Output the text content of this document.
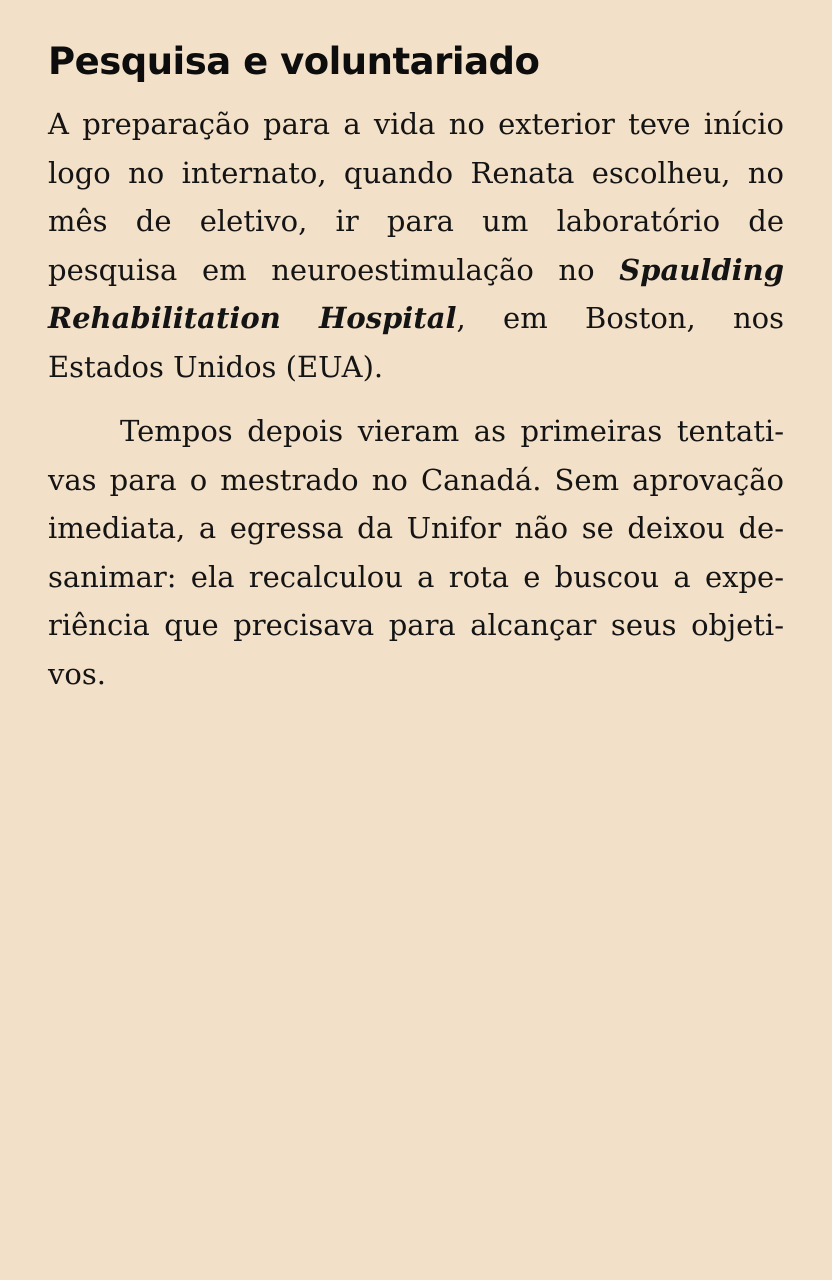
Pesquisa e voluntariado

A preparação para a vida no exterior teve início logo no internato, quando Renata escolheu, no mês de eletivo, ir para um laboratório de pesquisa em neuroestimulação no Spaulding Rehabilitation Hospital, em Boston, nos Estados Unidos (EUA).

Tempos depois vieram as primeiras tentativas para o mestrado no Canadá. Sem aprovação imediata, a egressa da Unifor não se deixou desanimar: ela recalculou a rota e buscou a experiência que precisava para alcançar seus objetivos.
